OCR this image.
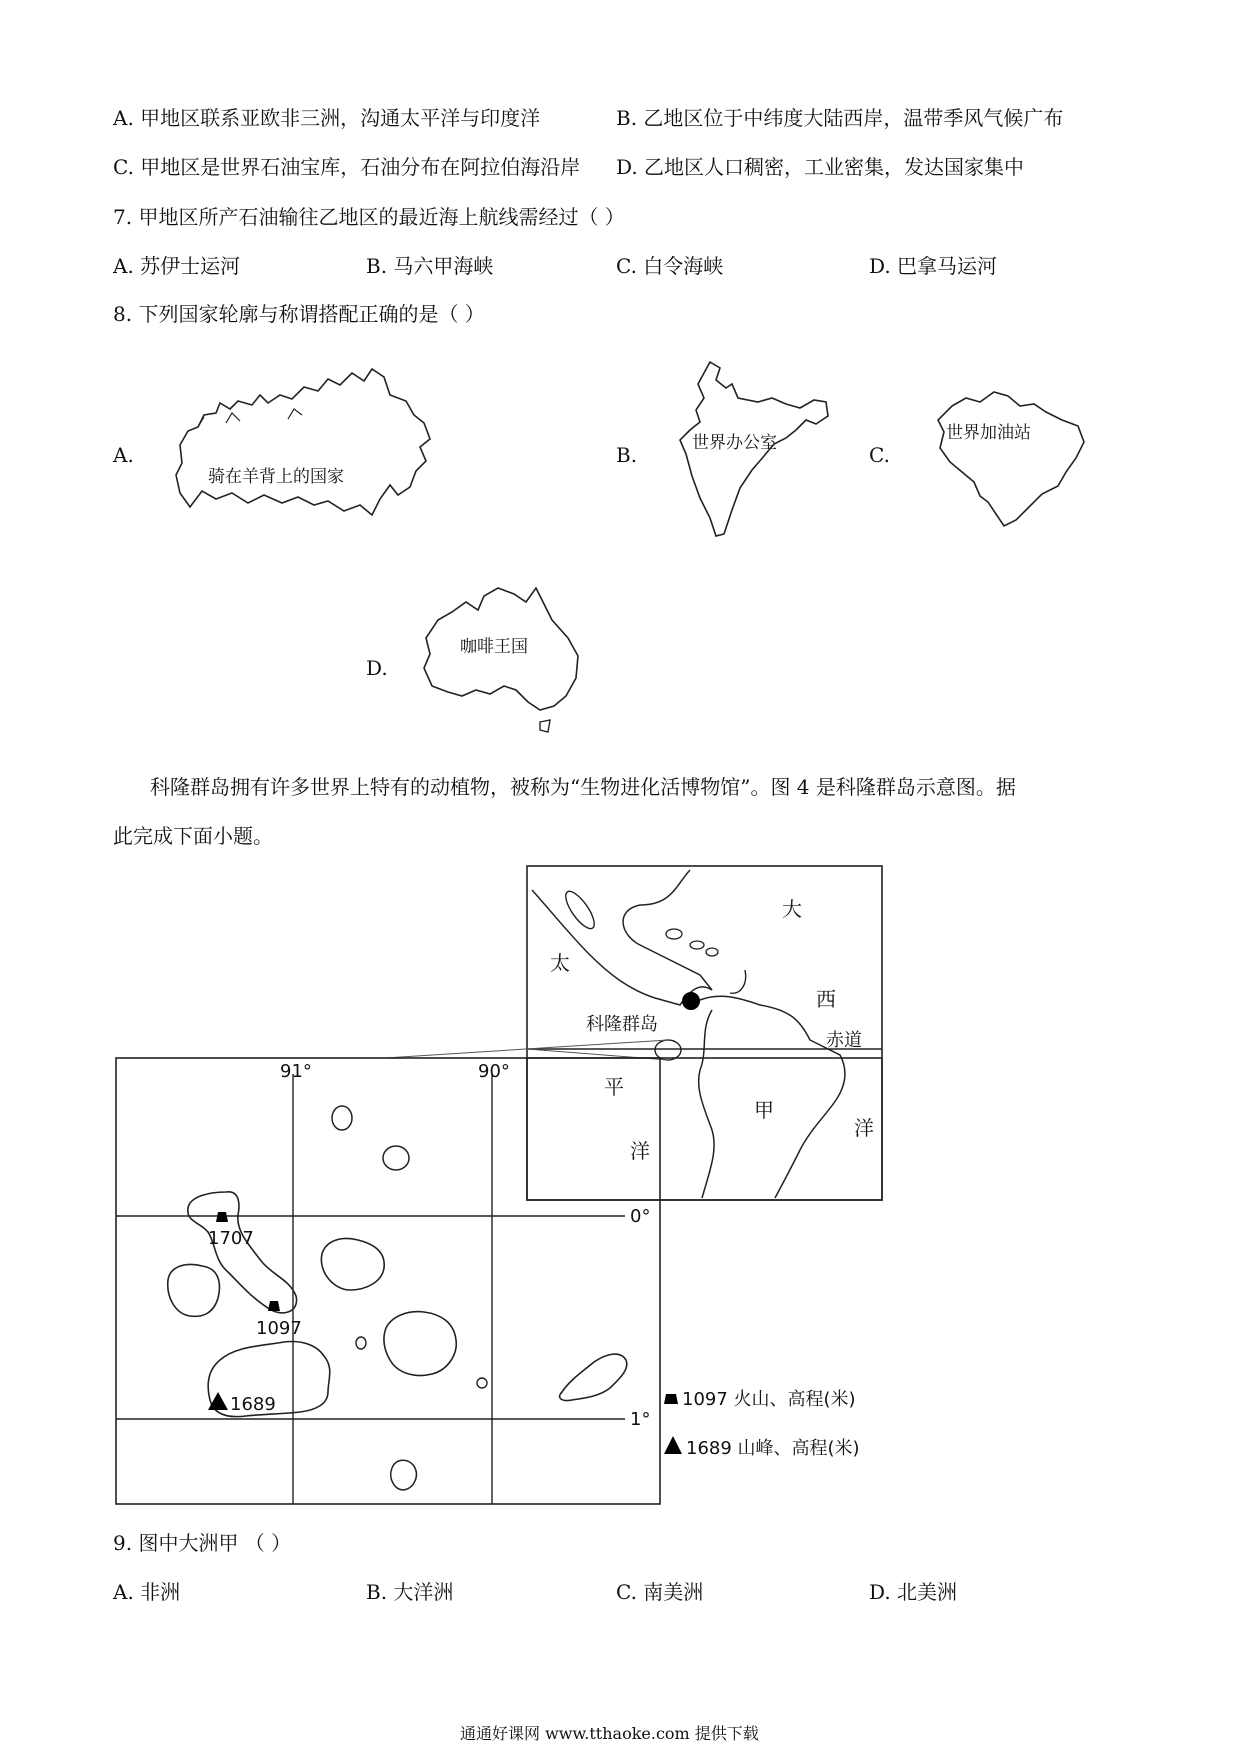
A. 甲地区联系亚欧非三洲，沟通太平洋与印度洋	B. 乙地区位于中纬度大陆西岸，温带季风气候广布
C. 甲地区是世界石油宝库，石油分布在阿拉伯海沿岸 D. 乙地区人口稠密，工业密集，发达国家集中
7. 甲地区所产石油输往乙地区的最近海上航线需经过（ ）
A. 苏伊士运河	B. 马六甲海峡	C. 白令海峡	D. 巴拿马运河
8. 下列国家轮廓与称谓搭配正确的是（ ）
A.
骑在羊背上的国家
B.	世界办公室	C.
世界加油站
D.
咖啡王国
科隆群岛拥有许多世界上特有的动植物，被称为“生物进化活博物馆”。图 4 是科隆群岛示意图。据
此完成下面小题。
太
平
洋
大
西
洋
甲
科隆群岛
赤道
91°	90°
0°
1°
1707
1097
1689	1097 火山、高程(米)
1689 山峰、高程(米)
9. 图中大洲甲 （ ）
A. 非洲	B. 大洋洲	C. 南美洲	D. 北美洲
通通好课网 www.tthaoke.com 提供下载
